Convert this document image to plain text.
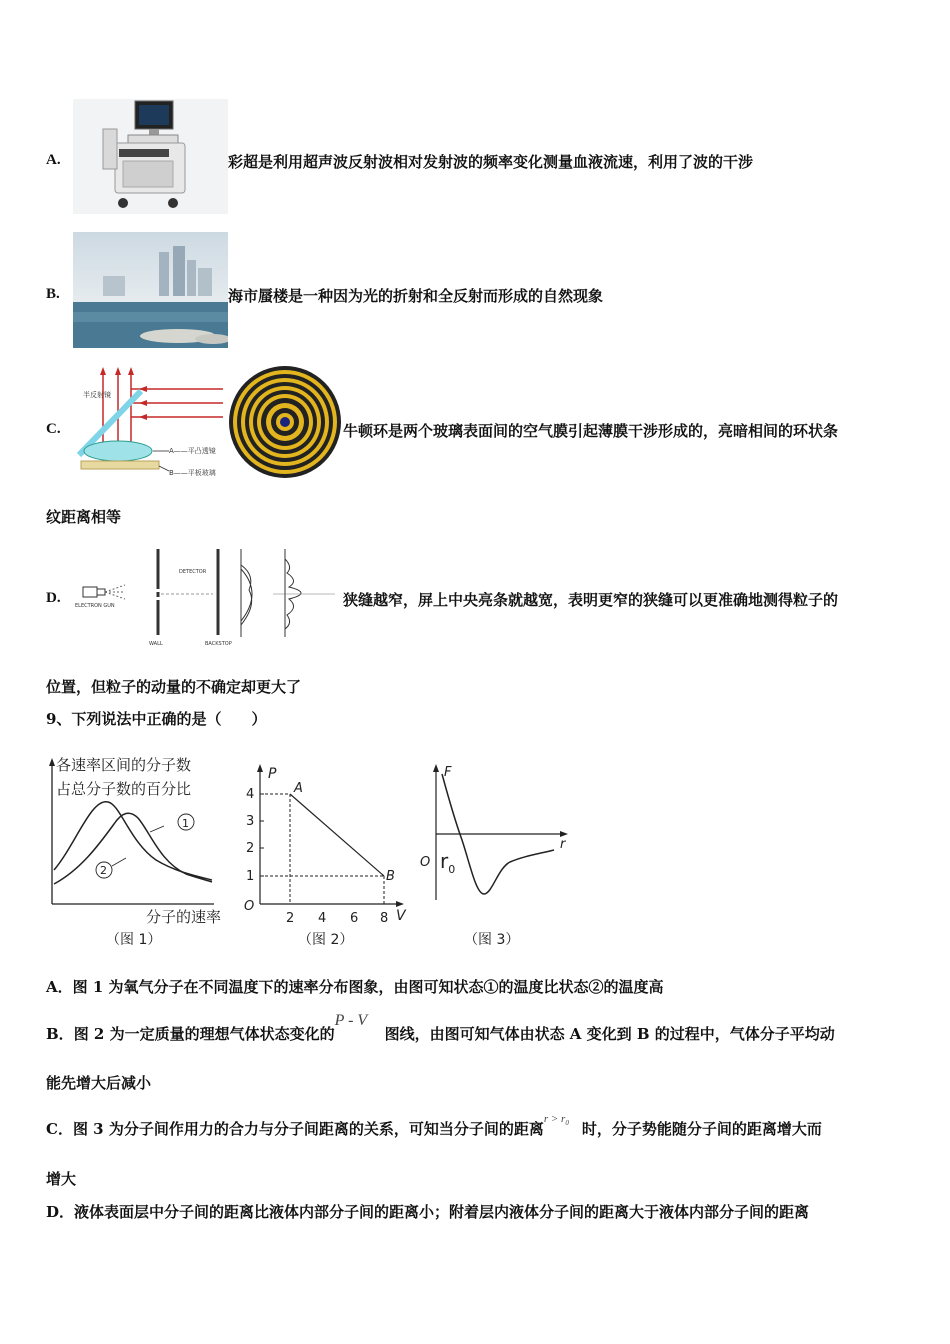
A.	彩超是利用超声波反射波相对发射波的频率变化测量血液流速，利用了波的干涉
B.	海市蜃楼是一种因为光的折射和全反射而形成的自然现象
C.
半反射镜
A——平凸透镜
B——平板玻璃
牛顿环是两个玻璃表面间的空气膜引起薄膜干涉形成的，亮暗相间的环状条
纹距离相等
D.	ELECTRON GUN
WALL
DETECTOR
BACKSTOP
狭缝越窄，屏上中央亮条就越宽，表明更窄的狭缝可以更准确地测得粒子的
位置，但粒子的动量的不确定却更大了
9、下列说法中正确的是（　　）
各速率区间的分子数
占总分子数的百分比
1
2
分子的速率
（图 1）
P
V
O
1
2
3
4
2 4 6 8
A
B
（图 2）
F
r
O $r_0$
（图 3）
A．图 1 为氧气分子在不同温度下的速率分布图象，由图可知状态①的温度比状态②的温度高
B．图 2 为一定质量的理想气体状态变化的P - V图线，由图可知气体由状态 A 变化到 B 的过程中，气体分子平均动
能先增大后减小
C．图 3 为分子间作用力的合力与分子间距离的关系，可知当分子间的距离$r > r_0$ 时，分子势能随分子间的距离增大而
增大
D．液体表面层中分子间的距离比液体内部分子间的距离小；附着层内液体分子间的距离大于液体内部分子间的距离
